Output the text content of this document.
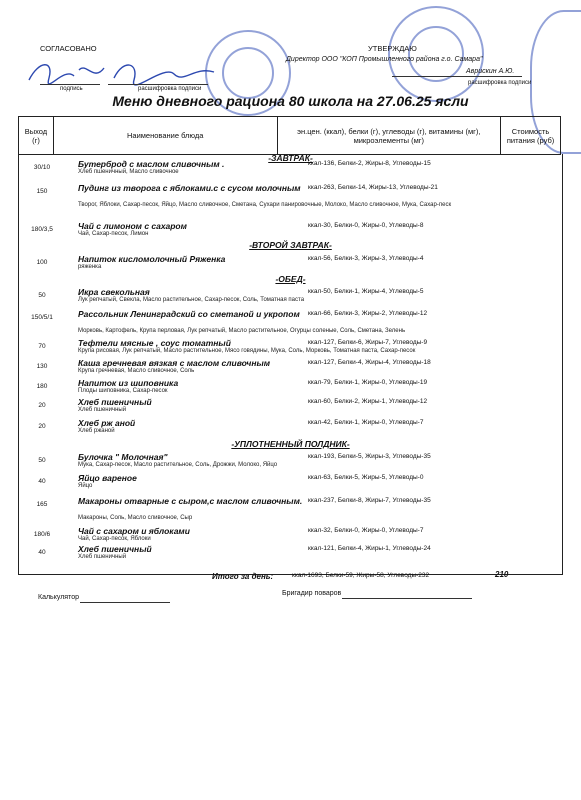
СОГЛАСОВАНО
подпись	расшифровка подписи
УТВЕРЖДАЮ
Директор ООО "КОП Промышленного района г.о. Самара"
Аврискин А.Ю.
расшифровка подписи
Меню дневного рациона 80 школа на 27.06.25 ясли
Выход (г)	Наименование блюда	эн.цен. (ккал), белки (г), углеводы (г), витамины (мг), микроэлементы (мг)	Стоимость питания (руб)
-ЗАВТРАК-
30/10	Бутерброд с маслом сливочным .	ккал-136, Белки-2, Жиры-8, Углеводы-15
Хлеб пшеничный, Масло сливочное
150	Пудинг из творога с яблоками.с с сусом молочным	ккал-263, Белки-14, Жиры-13, Углеводы-21
Творог, Яблоки, Сахар-песок, Яйцо, Масло сливочное, Сметана, Сухари панировочные, Молоко, Масло сливочное, Мука, Сахар-песк
180/3,5	Чай с лимоном с сахаром	ккал-30, Белки-0, Жиры-0, Углеводы-8
Чай, Сахар-песок, Лимон
-ВТОРОЙ ЗАВТРАК-
100	Напиток кисломолочный Ряженка	ккал-56, Белки-3, Жиры-3, Углеводы-4
ряженка
-ОБЕД-
50	Икра свекольная	ккал-50, Белки-1, Жиры-4, Углеводы-5
Лук репчатый, Свекла, Масло растительное, Сахар-песок, Соль, Томатная паста
150/5/1	Рассольник Ленинградский со сметаной и укропом	ккал-66, Белки-3, Жиры-2, Углеводы-12
Морковь, Картофель, Крупа перловая, Лук репчатый, Масло растительное, Огурцы соленые, Соль, Сметана, Зелень
70	Тефтели мясные , соус томатный	ккал-127, Белки-6, Жиры-7, Углеводы-9
Крупа рисовая, Лук репчатый, Масло растительное, Мясо говядины, Мука, Соль, Морковь, Томатная паста, Сахар-песок
130	Каша гречневая вязкая с маслом сливочным	ккал-127, Белки-4, Жиры-4, Углеводы-18
Крупа гречневая, Масло сливочное, Соль
180	Напиток из шиповника	ккал-79, Белки-1, Жиры-0, Углеводы-19
Плоды шиповника, Сахар-песок
20	Хлеб пшеничный	ккал-60, Белки-2, Жиры-1, Углеводы-12
Хлеб пшеничный
20	Хлеб рж аной	ккал-42, Белки-1, Жиры-0, Углеводы-7
Хлеб ржаной
-УПЛОТНЕННЫЙ ПОЛДНИК-
50	Булочка " Молочная"	ккал-193, Белки-5, Жиры-3, Углеводы-35
Мука, Сахар-песок, Масло растительное, Соль, Дрожжи, Молоко, Яйцо
40	Яйцо вареное	ккал-63, Белки-5, Жиры-5, Углеводы-0
Яйцо
165	Макароны отварные с сыром,с маслом сливочным. ккал-237, Белки-8, Жиры-7, Углеводы-35
Макароны, Соль, Масло сливочное, Сыр
180/6	Чай с сахаром и яблоками	ккал-32, Белки-0, Жиры-0, Углеводы-7
Чай, Сахар-песок, Яблоки
40	Хлеб пшеничный	ккал-121, Белки-4, Жиры-1, Углеводы-24
Хлеб пшеничный
Итого за день:	ккал-1693, Белки-59, Жиры-58, Углеводы-232	210
Калькулятор
Бригадир поваров
